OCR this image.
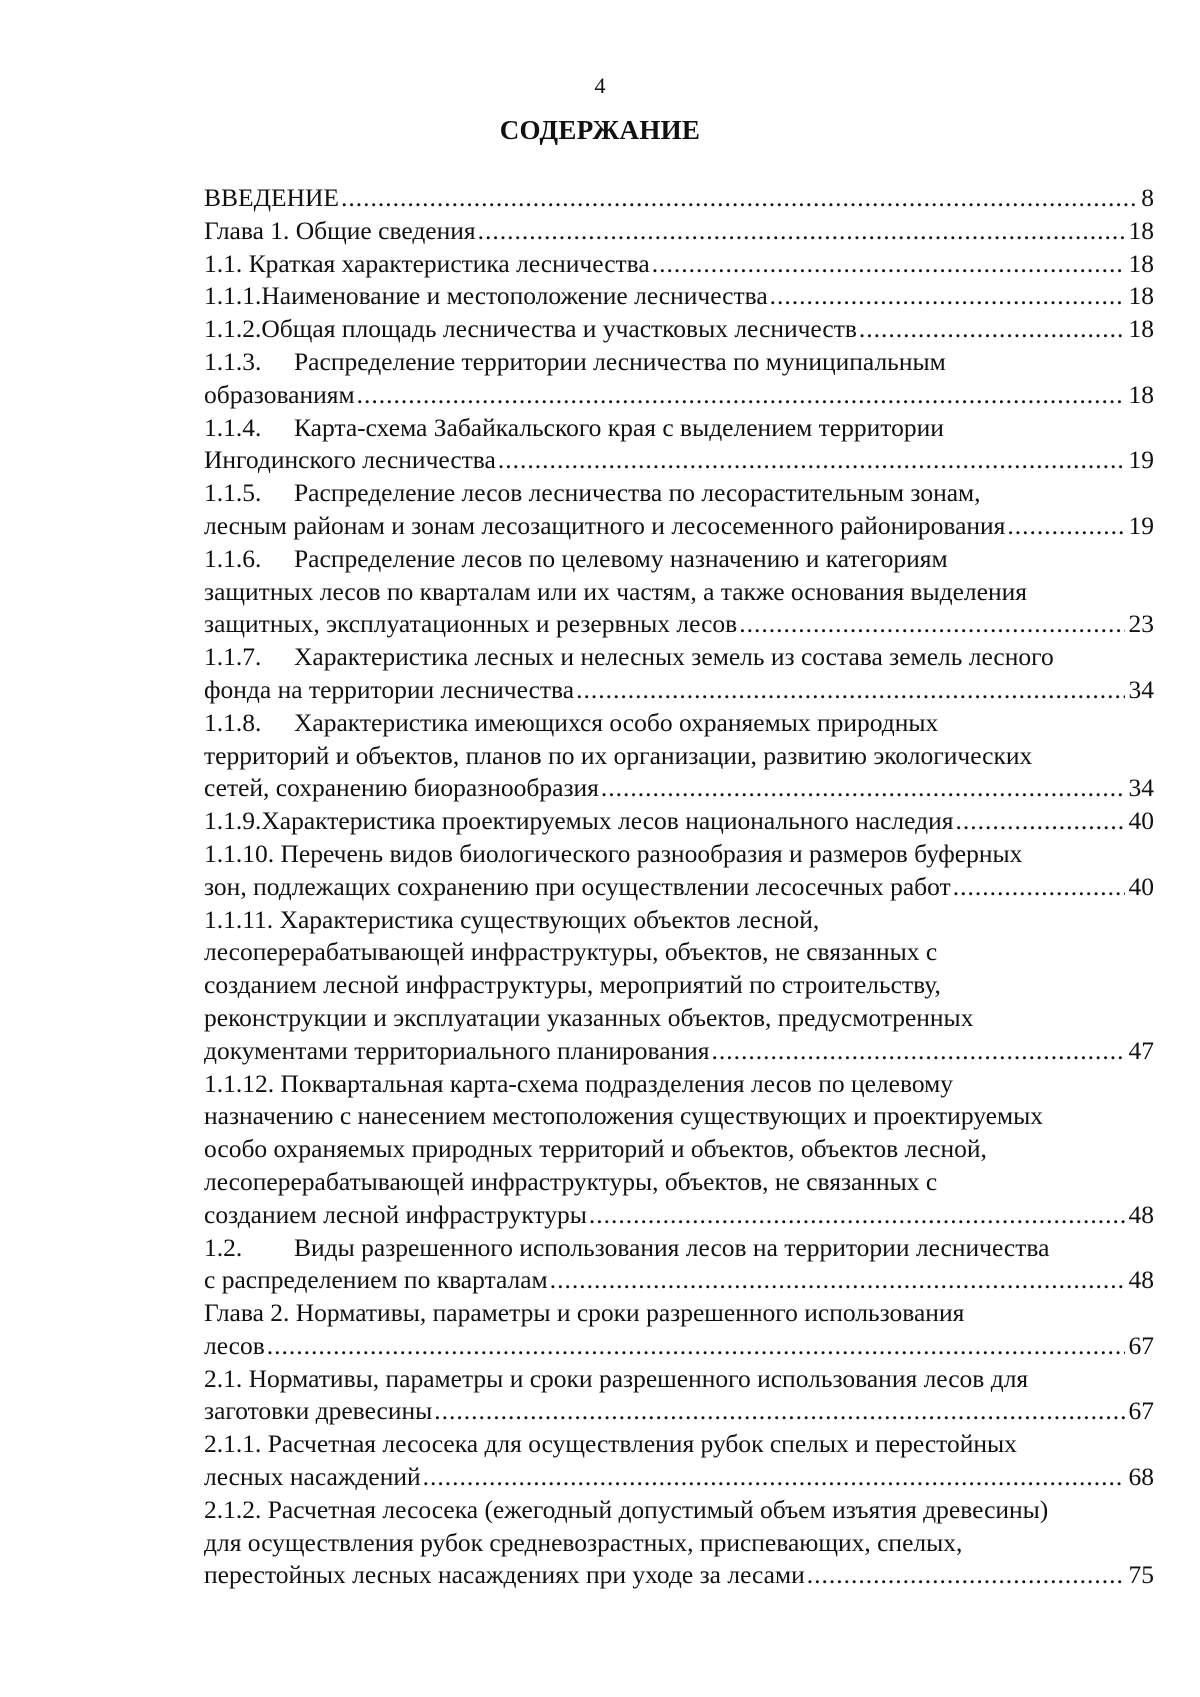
4
СОДЕРЖАНИЕ
ВВЕДЕНИЕ .....	8
Глава 1. Общие сведения .....	18
1.1. Краткая характеристика лесничества .....	18
1.1.1. Наименование и местоположение лесничества .....	18
1.1.2. Общая площадь лесничества и участковых лесничеств .....	18
1.1.3.	Распределение территории лесничества по муниципальным
образованиям .....	18
1.1.4.	Карта-схема Забайкальского края с выделением территории
Ингодинского лесничества .....	19
1.1.5.	Распределение лесов лесничества по лесорастительным зонам,
лесным районам и зонам лесозащитного и лесосеменного районирования .....	19
1.1.6.	Распределение лесов по целевому назначению и категориям
защитных лесов по кварталам или их частям, а также основания выделения
защитных, эксплуатационных и резервных лесов .....	23
1.1.7.	Характеристика лесных и нелесных земель из состава земель лесного
фонда на территории лесничества .....	34
1.1.8.	Характеристика имеющихся особо охраняемых природных
территорий и объектов, планов по их организации, развитию экологических
сетей, сохранению биоразнообразия .....	34
1.1.9. Характеристика проектируемых лесов национального наследия .....	40
1.1.10. Перечень видов биологического разнообразия и размеров буферных
зон, подлежащих сохранению при осуществлении лесосечных работ .....	40
1.1.11. Характеристика существующих объектов лесной,
лесоперерабатывающей инфраструктуры, объектов, не связанных с
созданием лесной инфраструктуры, мероприятий по строительству,
реконструкции и эксплуатации указанных объектов, предусмотренных
документами территориального планирования .....	47
1.1.12. Поквартальная карта-схема подразделения лесов по целевому
назначению с нанесением местоположения существующих и проектируемых
особо охраняемых природных территорий и объектов, объектов лесной,
лесоперерабатывающей инфраструктуры, объектов, не связанных с
созданием лесной инфраструктуры .....	48
1.2.	Виды разрешенного использования лесов на территории лесничества
с распределением по кварталам .....	48
Глава 2. Нормативы, параметры и сроки разрешенного использования
лесов .....	67
2.1. Нормативы, параметры и сроки разрешенного использования лесов для
заготовки древесины .....	67
2.1.1. Расчетная лесосека для осуществления рубок спелых и перестойных
лесных насаждений .....	68
2.1.2. Расчетная лесосека (ежегодный допустимый объем изъятия древесины)
для осуществления рубок средневозрастных, приспевающих, спелых,
перестойных лесных насаждениях при уходе за лесами .....	75
